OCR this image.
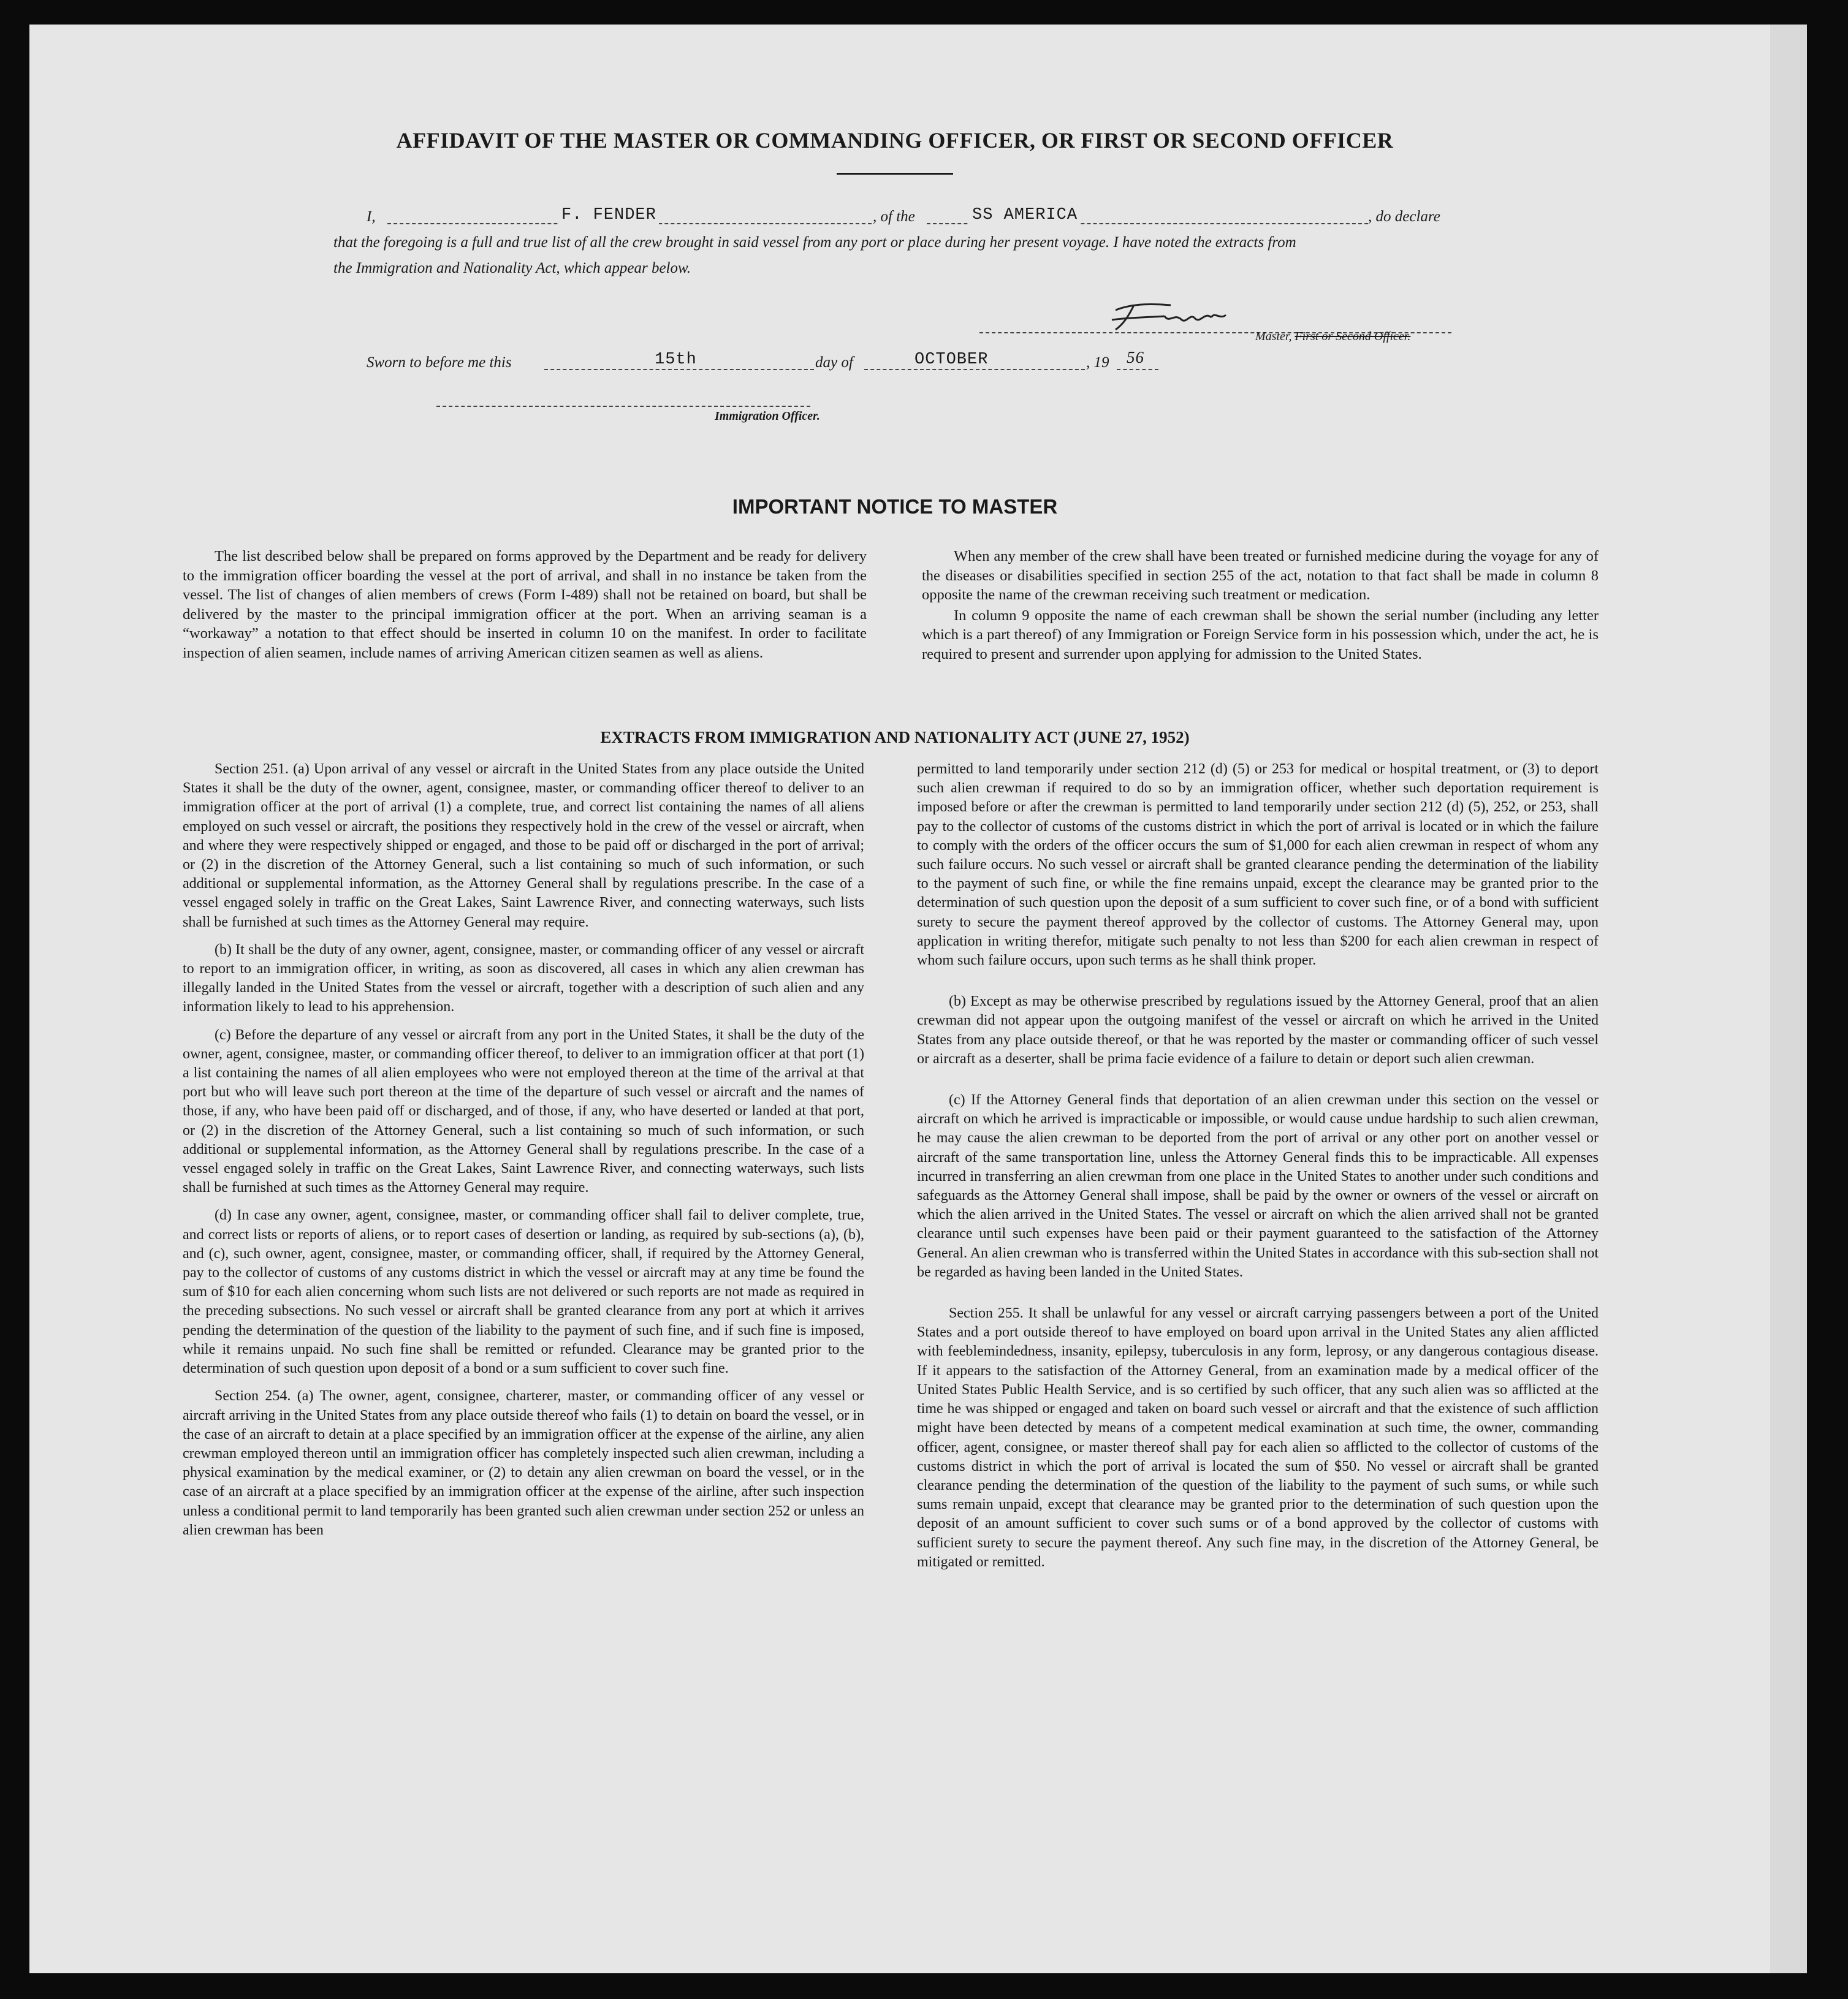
AFFIDAVIT OF THE MASTER OR COMMANDING OFFICER, OR FIRST OR SECOND OFFICER
I,	F. FENDER	, of the	SS AMERICA	, do declare
that the foregoing is a full and true list of all the crew brought in said vessel from any port or place during her present voyage. I have noted the extracts from
the Immigration and Nationality Act, which appear below.
Master, First or Second Officer.
Sworn to before me this	15th	day of	OCTOBER	, 19 56
Immigration Officer.
IMPORTANT NOTICE TO MASTER

The list described below shall be prepared on forms approved by the Department and be ready for delivery to the immigration officer boarding the vessel at the port of arrival, and shall in no instance be taken from the vessel. The list of changes of alien members of crews (Form I-489) shall not be retained on board, but shall be delivered by the master to the principal immigration officer at the port. When an arriving seaman is a “workaway” a notation to that effect should be inserted in column 10 on the manifest. In order to facilitate inspection of alien seamen, include names of arriving American citizen seamen as well as aliens.

When any member of the crew shall have been treated or furnished medicine during the voyage for any of the diseases or disabilities specified in section 255 of the act, notation to that fact shall be made in column 8 opposite the name of the crewman receiving such treatment or medication.

In column 9 opposite the name of each crewman shall be shown the serial number (including any letter which is a part thereof) of any Immigration or Foreign Service form in his possession which, under the act, he is required to present and surrender upon applying for admission to the United States.

EXTRACTS FROM IMMIGRATION AND NATIONALITY ACT (JUNE 27, 1952)

Section 251. (a) Upon arrival of any vessel or aircraft in the United States from any place outside the United States it shall be the duty of the owner, agent, consignee, master, or commanding officer thereof to deliver to an immigration officer at the port of arrival (1) a complete, true, and correct list containing the names of all aliens employed on such vessel or aircraft, the positions they respectively hold in the crew of the vessel or aircraft, when and where they were respectively shipped or engaged, and those to be paid off or discharged in the port of arrival; or (2) in the discretion of the Attorney General, such a list containing so much of such information, or such additional or supplemental information, as the Attorney General shall by regulations prescribe. In the case of a vessel engaged solely in traffic on the Great Lakes, Saint Lawrence River, and connecting waterways, such lists shall be furnished at such times as the Attorney General may require.

(b) It shall be the duty of any owner, agent, consignee, master, or commanding officer of any vessel or aircraft to report to an immigration officer, in writing, as soon as discovered, all cases in which any alien crewman has illegally landed in the United States from the vessel or aircraft, together with a description of such alien and any information likely to lead to his apprehension.

(c) Before the departure of any vessel or aircraft from any port in the United States, it shall be the duty of the owner, agent, consignee, master, or commanding officer thereof, to deliver to an immigration officer at that port (1) a list containing the names of all alien employees who were not employed thereon at the time of the arrival at that port but who will leave such port thereon at the time of the departure of such vessel or aircraft and the names of those, if any, who have been paid off or discharged, and of those, if any, who have deserted or landed at that port, or (2) in the discretion of the Attorney General, such a list containing so much of such information, or such additional or supplemental information, as the Attorney General shall by regulations prescribe. In the case of a vessel engaged solely in traffic on the Great Lakes, Saint Lawrence River, and connecting waterways, such lists shall be furnished at such times as the Attorney General may require.

(d) In case any owner, agent, consignee, master, or commanding officer shall fail to deliver complete, true, and correct lists or reports of aliens, or to report cases of desertion or landing, as required by sub-sections (a), (b), and (c), such owner, agent, consignee, master, or commanding officer, shall, if required by the Attorney General, pay to the collector of customs of any customs district in which the vessel or aircraft may at any time be found the sum of $10 for each alien concerning whom such lists are not delivered or such reports are not made as required in the preceding subsections. No such vessel or aircraft shall be granted clearance from any port at which it arrives pending the determination of the question of the liability to the payment of such fine, and if such fine is imposed, while it remains unpaid. No such fine shall be remitted or refunded. Clearance may be granted prior to the determination of such question upon deposit of a bond or a sum sufficient to cover such fine.

Section 254. (a) The owner, agent, consignee, charterer, master, or commanding officer of any vessel or aircraft arriving in the United States from any place outside thereof who fails (1) to detain on board the vessel, or in the case of an aircraft to detain at a place specified by an immigration officer at the expense of the airline, any alien crewman employed thereon until an immigration officer has completely inspected such alien crewman, including a physical examination by the medical examiner, or (2) to detain any alien crewman on board the vessel, or in the case of an aircraft at a place specified by an immigration officer at the expense of the airline, after such inspection unless a conditional permit to land temporarily has been granted such alien crewman under section 252 or unless an alien crewman has been

permitted to land temporarily under section 212 (d) (5) or 253 for medical or hospital treatment, or (3) to deport such alien crewman if required to do so by an immigration officer, whether such deportation requirement is imposed before or after the crewman is permitted to land temporarily under section 212 (d) (5), 252, or 253, shall pay to the collector of customs of the customs district in which the port of arrival is located or in which the failure to comply with the orders of the officer occurs the sum of $1,000 for each alien crewman in respect of whom any such failure occurs. No such vessel or aircraft shall be granted clearance pending the determination of the liability to the payment of such fine, or while the fine remains unpaid, except the clearance may be granted prior to the determination of such question upon the deposit of a sum sufficient to cover such fine, or of a bond with sufficient surety to secure the payment thereof approved by the collector of customs. The Attorney General may, upon application in writing therefor, mitigate such penalty to not less than $200 for each alien crewman in respect of whom such failure occurs, upon such terms as he shall think proper.

(b) Except as may be otherwise prescribed by regulations issued by the Attorney General, proof that an alien crewman did not appear upon the outgoing manifest of the vessel or aircraft on which he arrived in the United States from any place outside thereof, or that he was reported by the master or commanding officer of such vessel or aircraft as a deserter, shall be prima facie evidence of a failure to detain or deport such alien crewman.

(c) If the Attorney General finds that deportation of an alien crewman under this section on the vessel or aircraft on which he arrived is impracticable or impossible, or would cause undue hardship to such alien crewman, he may cause the alien crewman to be deported from the port of arrival or any other port on another vessel or aircraft of the same transportation line, unless the Attorney General finds this to be impracticable. All expenses incurred in transferring an alien crewman from one place in the United States to another under such conditions and safeguards as the Attorney General shall impose, shall be paid by the owner or owners of the vessel or aircraft on which the alien arrived in the United States. The vessel or aircraft on which the alien arrived shall not be granted clearance until such expenses have been paid or their payment guaranteed to the satisfaction of the Attorney General. An alien crewman who is transferred within the United States in accordance with this sub-section shall not be regarded as having been landed in the United States.

Section 255. It shall be unlawful for any vessel or aircraft carrying passengers between a port of the United States and a port outside thereof to have employed on board upon arrival in the United States any alien afflicted with feeblemindedness, insanity, epilepsy, tuberculosis in any form, leprosy, or any dangerous contagious disease. If it appears to the satisfaction of the Attorney General, from an examination made by a medical officer of the United States Public Health Service, and is so certified by such officer, that any such alien was so afflicted at the time he was shipped or engaged and taken on board such vessel or aircraft and that the existence of such affliction might have been detected by means of a competent medical examination at such time, the owner, commanding officer, agent, consignee, or master thereof shall pay for each alien so afflicted to the collector of customs of the customs district in which the port of arrival is located the sum of $50. No vessel or aircraft shall be granted clearance pending the determination of the question of the liability to the payment of such sums, or while such sums remain unpaid, except that clearance may be granted prior to the determination of such question upon the deposit of an amount sufficient to cover such sums or of a bond approved by the collector of customs with sufficient surety to secure the payment thereof. Any such fine may, in the discretion of the Attorney General, be mitigated or remitted.
